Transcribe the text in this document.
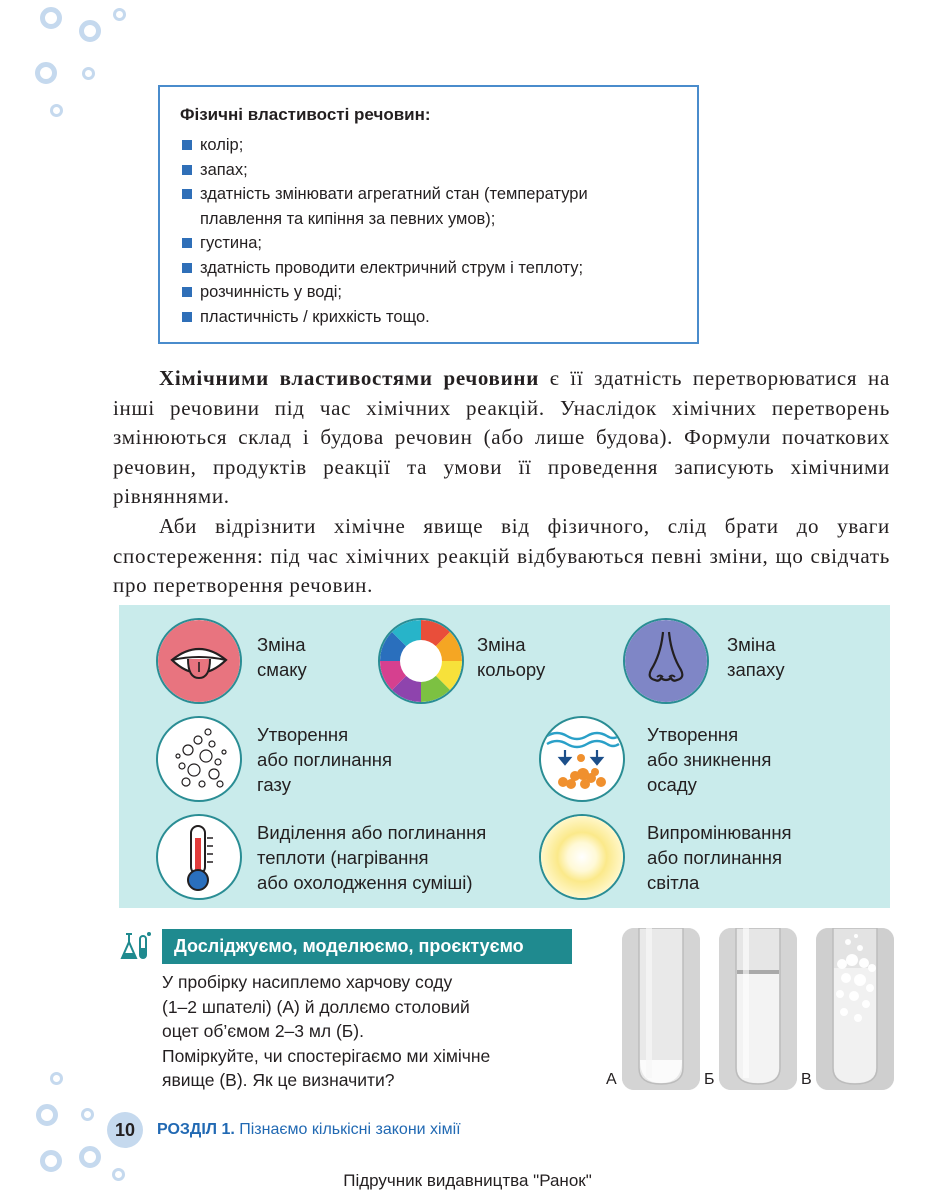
Фізичні властивості речовин:
колір;
запах;
здатність змінювати агрегатний стан (температури плавлення та кипіння за певних умов);
густина;
здатність проводити електричний струм і теплоту;
розчинність у воді;
пластичність / крихкість тощо.

Хімічними властивостями речовини є її здатність перетворюватися на інші речовини під час хімічних реакцій. Унаслідок хімічних перетворень змінюються склад і будова речовин (або лише будова). Формули початкових речовин, продуктів реакції та умови її проведення записують хімічними рівняннями.

Аби відрізнити хімічне явище від фізичного, слід брати до уваги спостереження: під час хімічних реакцій відбуваються певні зміни, що свідчать про перетворення речовин.

Зміна
смаку
Зміна
кольору
Зміна
запаху
Утворення
або поглинання
газу
Утворення
або зникнення
осаду
Виділення або поглинання
теплоти (нагрівання
або охолодження суміші)
Випромінювання
або поглинання
світла
Досліджуємо, моделюємо, проєктуємо
У пробірку насиплемо харчову соду
(1–2 шпателі) (А) й доллємо столовий
оцет об’ємом 2–3 мл (Б).
Поміркуйте, чи спостерігаємо ми хімічне
явище (В). Як це визначити?	А	Б	В
10	РОЗДІЛ 1. Пізнаємо кількісні закони хімії
Підручник видавництва "Ранок"
